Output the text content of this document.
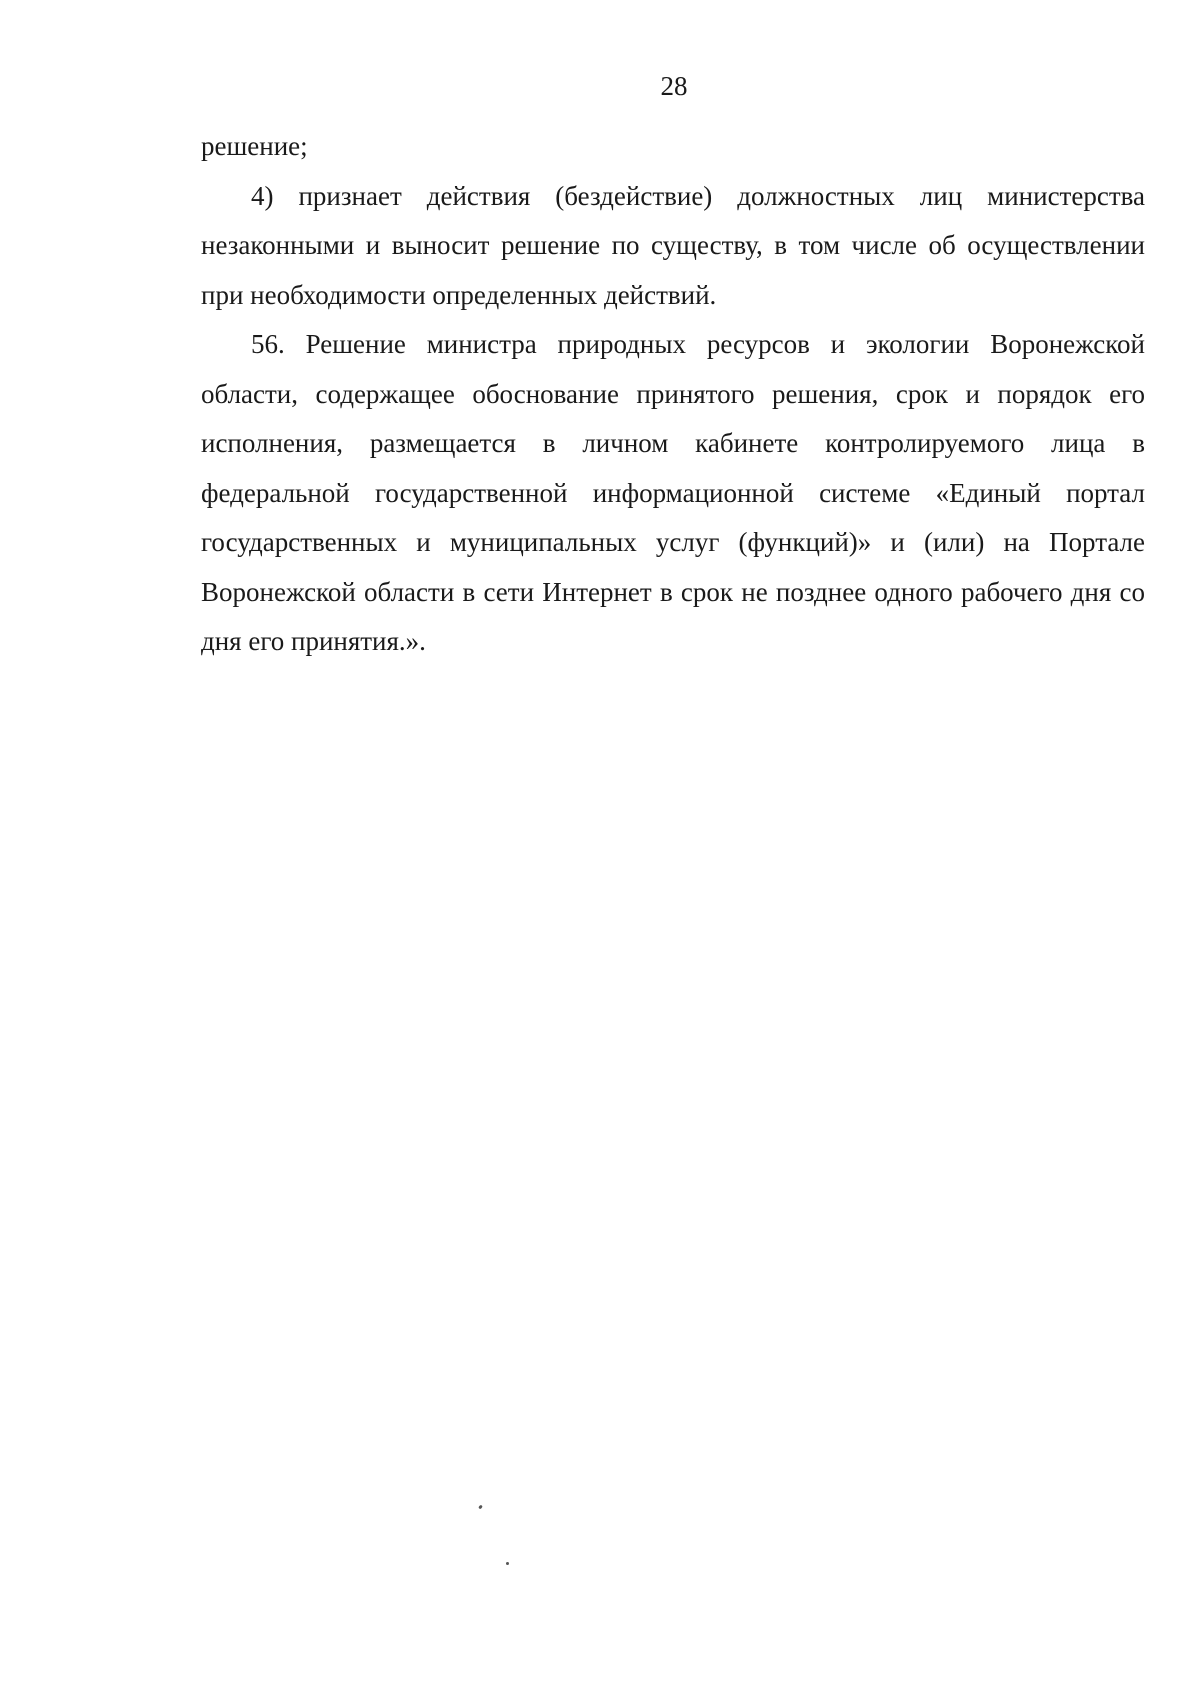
28

решение;

4) признает действия (бездействие) должностных лиц министерства незаконными и выносит решение по существу, в том числе об осуществлении при необходимости определенных действий.

56. Решение министра природных ресурсов и экологии Воронежской области, содержащее обоснование принятого решения, срок и порядок его исполнения, размещается в личном кабинете контролируемого лица в федеральной государственной информационной системе «Единый портал государственных и муниципальных услуг (функций)» и (или) на Портале Воронежской области в сети Интернет в срок не позднее одного рабочего дня со дня его принятия.».
